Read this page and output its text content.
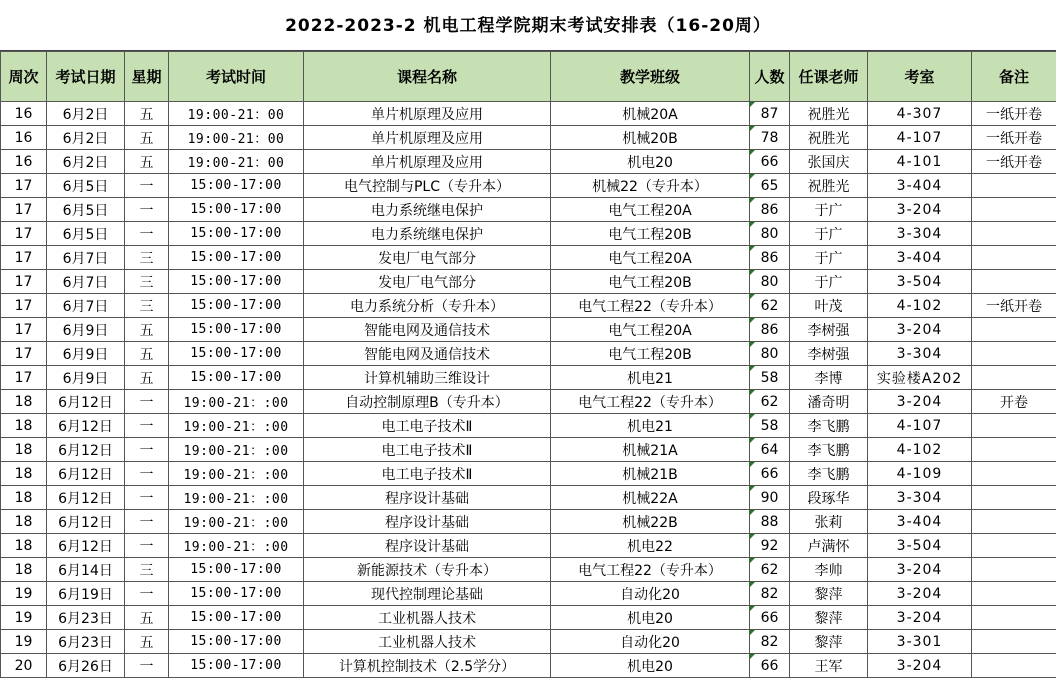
2022-2023-2 机电工程学院期末考试安排表（16-20周）
周次	考试日期	星期	考试时间	课程名称	教学班级	人数	任课老师	考室	备注
16	6月2日	五	19:00-21：00	单片机原理及应用	机械20A	87	祝胜光	4-307	一纸开卷
16	6月2日	五	19:00-21：00	单片机原理及应用	机械20B	78	祝胜光	4-107	一纸开卷
16	6月2日	五	19:00-21：00	单片机原理及应用	机电20	66	张国庆	4-101	一纸开卷
17	6月5日	一	15:00-17:00	电气控制与PLC（专升本）	机械22（专升本）	65	祝胜光	3-404	
17	6月5日	一	15:00-17:00	电力系统继电保护	电气工程20A	86	于广	3-204	
17	6月5日	一	15:00-17:00	电力系统继电保护	电气工程20B	80	于广	3-304	
17	6月7日	三	15:00-17:00	发电厂电气部分	电气工程20A	86	于广	3-404	
17	6月7日	三	15:00-17:00	发电厂电气部分	电气工程20B	80	于广	3-504	
17	6月7日	三	15:00-17:00	电力系统分析（专升本）	电气工程22（专升本）	62	叶茂	4-102	一纸开卷
17	6月9日	五	15:00-17:00	智能电网及通信技术	电气工程20A	86	李树强	3-204	
17	6月9日	五	15:00-17:00	智能电网及通信技术	电气工程20B	80	李树强	3-304	
17	6月9日	五	15:00-17:00	计算机辅助三维设计	机电21	58	李博	实验楼A202	
18	6月12日	一	19:00-21：:00	自动控制原理B（专升本）	电气工程22（专升本）	62	潘奇明	3-204	开卷
18	6月12日	一	19:00-21：:00	电工电子技术Ⅱ	机电21	58	李飞鹏	4-107	
18	6月12日	一	19:00-21：:00	电工电子技术Ⅱ	机械21A	64	李飞鹏	4-102	
18	6月12日	一	19:00-21：:00	电工电子技术Ⅱ	机械21B	66	李飞鹏	4-109	
18	6月12日	一	19:00-21：:00	程序设计基础	机械22A	90	段琢华	3-304	
18	6月12日	一	19:00-21：:00	程序设计基础	机械22B	88	张莉	3-404	
18	6月12日	一	19:00-21：:00	程序设计基础	机电22	92	卢满怀	3-504	
18	6月14日	三	15:00-17:00	新能源技术（专升本）	电气工程22（专升本）	62	李帅	3-204	
19	6月19日	一	15:00-17:00	现代控制理论基础	自动化20	82	黎萍	3-204	
19	6月23日	五	15:00-17:00	工业机器人技术	机电20	66	黎萍	3-204	
19	6月23日	五	15:00-17:00	工业机器人技术	自动化20	82	黎萍	3-301	
20	6月26日	一	15:00-17:00	计算机控制技术（2.5学分）	机电20	66	王军	3-204	
